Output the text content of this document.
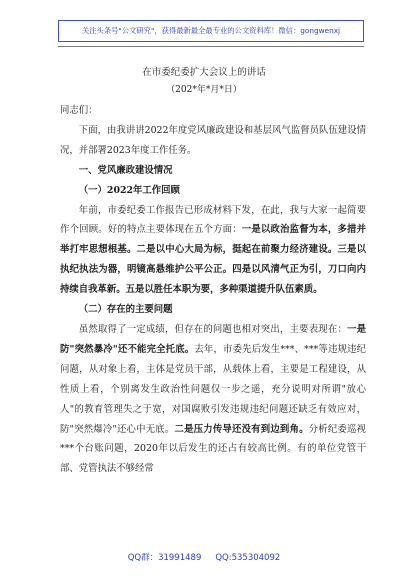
关注头条号"公文研究"，获得最新最全最专业的公文资料库！微信：gongwenxj
在市委纪委扩大会议上的讲话
（202*年*月*日）

同志们：

下面，由我讲讲2022年度党风廉政建设和基层风气监督员队伍建设情况，并部署2023年度工作任务。

一、党风廉政建设情况

（一）2022年工作回顾

年前，市委纪委工作报告已形成材料下发，在此，我与大家一起简要作个回顾。好的特点主要体现在五个方面：一是以政治监督为本，多措并举打牢思想根基。二是以中心大局为标，挺起在前聚力经济建设。三是以执纪执法为器，明镜高悬维护公平公正。四是以风清气正为引，刀口向内持续自我革新。五是以胜任本职为要，多种渠道提升队伍素质。

（二）存在的主要问题

虽然取得了一定成绩，但存在的问题也相对突出，主要表现在：一是防"突然暴冷"还不能完全托底。去年，市委先后发生***、***等违规违纪问题，从对象上看，主体是党员干部，从载体上看，主要是工程建设，从性质上看，个别离发生政治性问题仅一步之遥，充分说明对所谓"放心人"的教育管理失之于宽，对国腐败引发违规违纪问题还缺乏有效应对，防"突然爆冷"还心中无底。二是压力传导还没有到边到角。分析纪委巡视***个台账问题，2020年以后发生的还占有较高比例。有的单位党管干部、党管执法不够经常

QQ群：31991489 QQ:535304092
